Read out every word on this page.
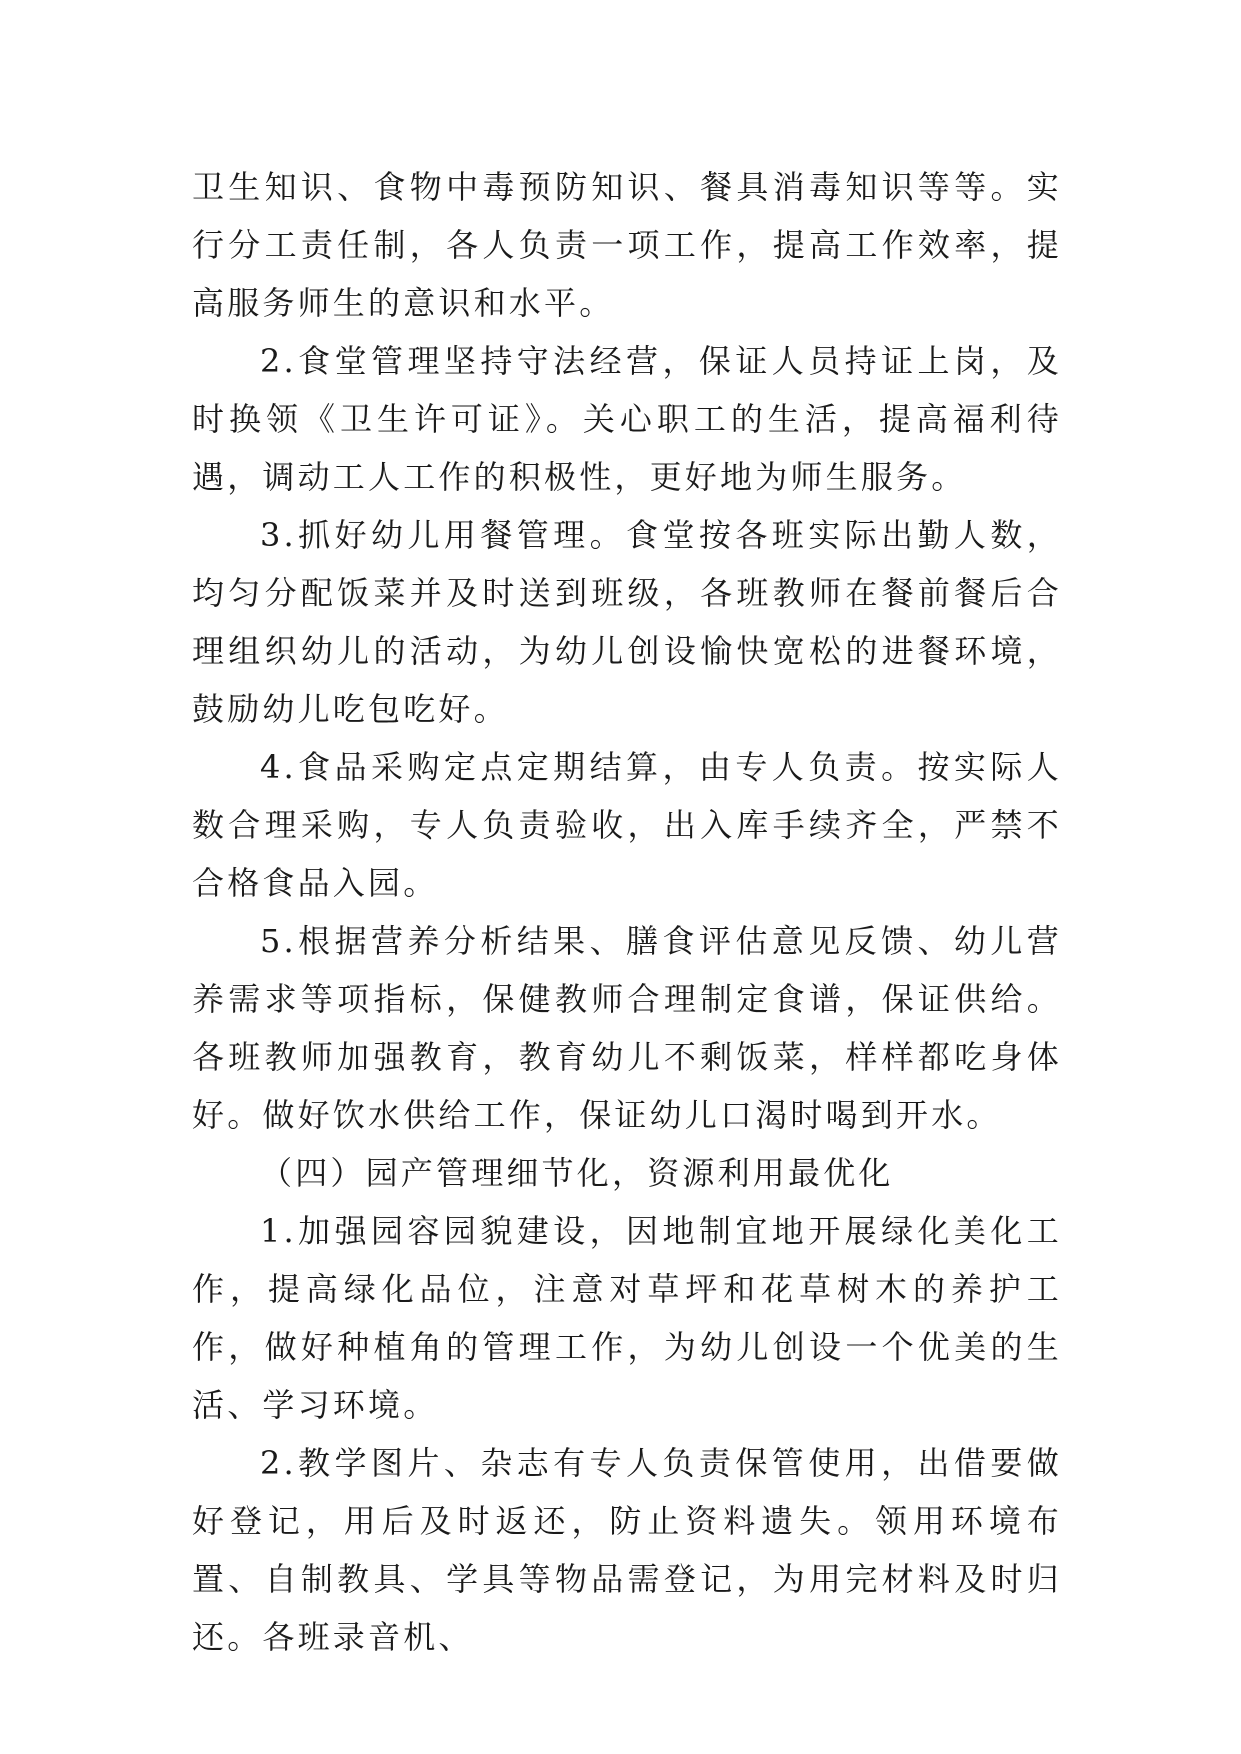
卫生知识、食物中毒预防知识、餐具消毒知识等等。实行分工责任制，各人负责一项工作，提高工作效率，提高服务师生的意识和水平。

2.食堂管理坚持守法经营，保证人员持证上岗，及时换领《卫生许可证》。关心职工的生活，提高福利待遇，调动工人工作的积极性，更好地为师生服务。

3.抓好幼儿用餐管理。食堂按各班实际出勤人数，均匀分配饭菜并及时送到班级，各班教师在餐前餐后合理组织幼儿的活动，为幼儿创设愉快宽松的进餐环境，鼓励幼儿吃包吃好。

4.食品采购定点定期结算，由专人负责。按实际人数合理采购，专人负责验收，出入库手续齐全，严禁不合格食品入园。

5.根据营养分析结果、膳食评估意见反馈、幼儿营养需求等项指标，保健教师合理制定食谱，保证供给。各班教师加强教育，教育幼儿不剩饭菜，样样都吃身体好。做好饮水供给工作，保证幼儿口渴时喝到开水。

（四）园产管理细节化，资源利用最优化

1.加强园容园貌建设，因地制宜地开展绿化美化工作，提高绿化品位，注意对草坪和花草树木的养护工作，做好种植角的管理工作，为幼儿创设一个优美的生活、学习环境。

2.教学图片、杂志有专人负责保管使用，出借要做好登记，用后及时返还，防止资料遗失。领用环境布置、自制教具、学具等物品需登记，为用完材料及时归还。各班录音机、
